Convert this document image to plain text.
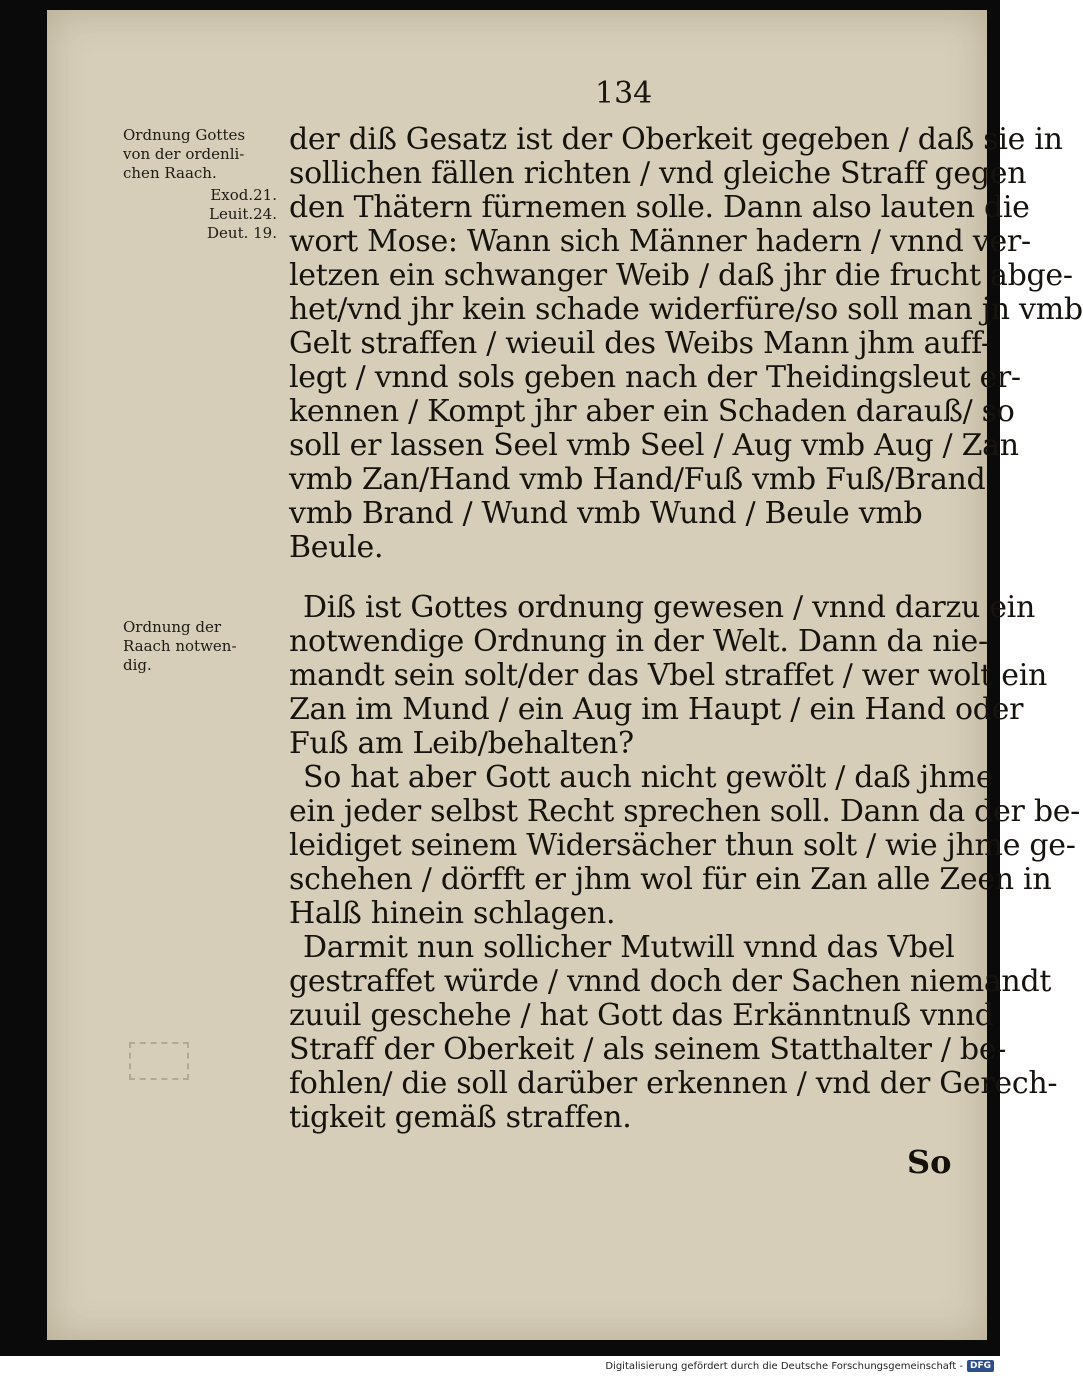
134
Ordnung Gottes
von der ordenli-
chen Raach.
Exod.21.
Leuit.24.
Deut. 19.
Ordnung der
Raach notwen-
dig.
der diß Gesatz ist der Oberkeit gegeben / daß sie in
sollichen fällen richten / vnd gleiche Straff gegen
den Thätern fürnemen solle. Dann also lauten die
wort Mose: Wann sich Männer hadern / vnnd ver-
letzen ein schwanger Weib / daß jhr die frucht abge-
het/vnd jhr kein schade widerfüre/so soll man jn vmb
Gelt straffen / wieuil des Weibs Mann jhm auff-
legt / vnnd sols geben nach der Theidingsleut er-
kennen / Kompt jhr aber ein Schaden darauß/ so
soll er lassen Seel vmb Seel / Aug vmb Aug / Zan
vmb Zan/Hand vmb Hand/Fuß vmb Fuß/Brand
vmb Brand / Wund vmb Wund / Beule vmb
Beule.
Diß ist Gottes ordnung gewesen / vnnd darzu ein
notwendige Ordnung in der Welt. Dann da nie-
mandt sein solt/der das Vbel straffet / wer wolt ein
Zan im Mund / ein Aug im Haupt / ein Hand oder
Fuß am Leib/behalten?
So hat aber Gott auch nicht gewölt / daß jhme
ein jeder selbst Recht sprechen soll. Dann da der be-
leidiget seinem Widersächer thun solt / wie jhme ge-
schehen / dörfft er jhm wol für ein Zan alle Zeen in
Halß hinein schlagen.
Darmit nun sollicher Mutwill vnnd das Vbel
gestraffet würde / vnnd doch der Sachen niemandt
zuuil geschehe / hat Gott das Erkänntnuß vnnd
Straff der Oberkeit / als seinem Statthalter / be-
fohlen/ die soll darüber erkennen / vnd der Gerech-
tigkeit gemäß straffen.
So
Digitalisierung gefördert durch die Deutsche Forschungsgemeinschaft - DFG
